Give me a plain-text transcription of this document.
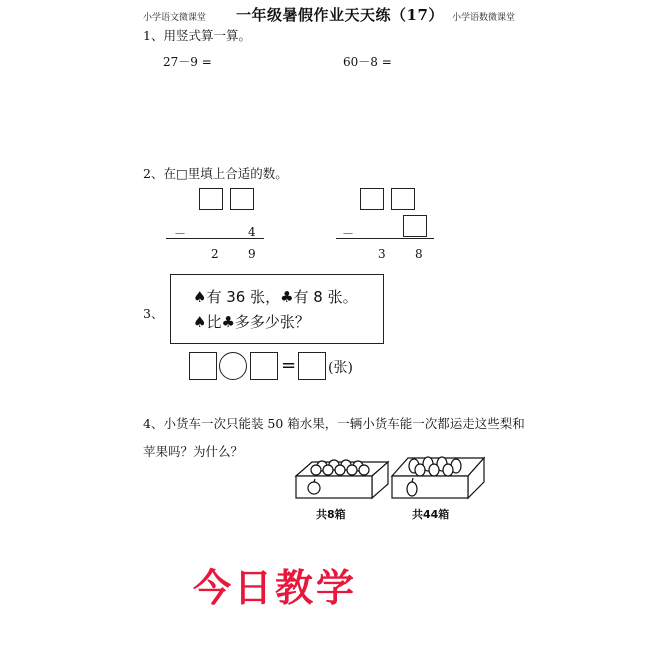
小学语文微课堂 一年级暑假作业天天练（17） 小学语数微课堂
1、用竖式算一算。
27－9 =	60－8 =
2、在□里填上合适的数。
－	4
2 9
－
3 8
3、
♠有 36 张，♣有 8 张。
♠比♣多多少张？
= (张)
4、小货车一次只能装 50 箱水果，一辆小货车能一次都运走这些梨和
苹果吗？为什么？
共8箱	共44箱
今日教学
